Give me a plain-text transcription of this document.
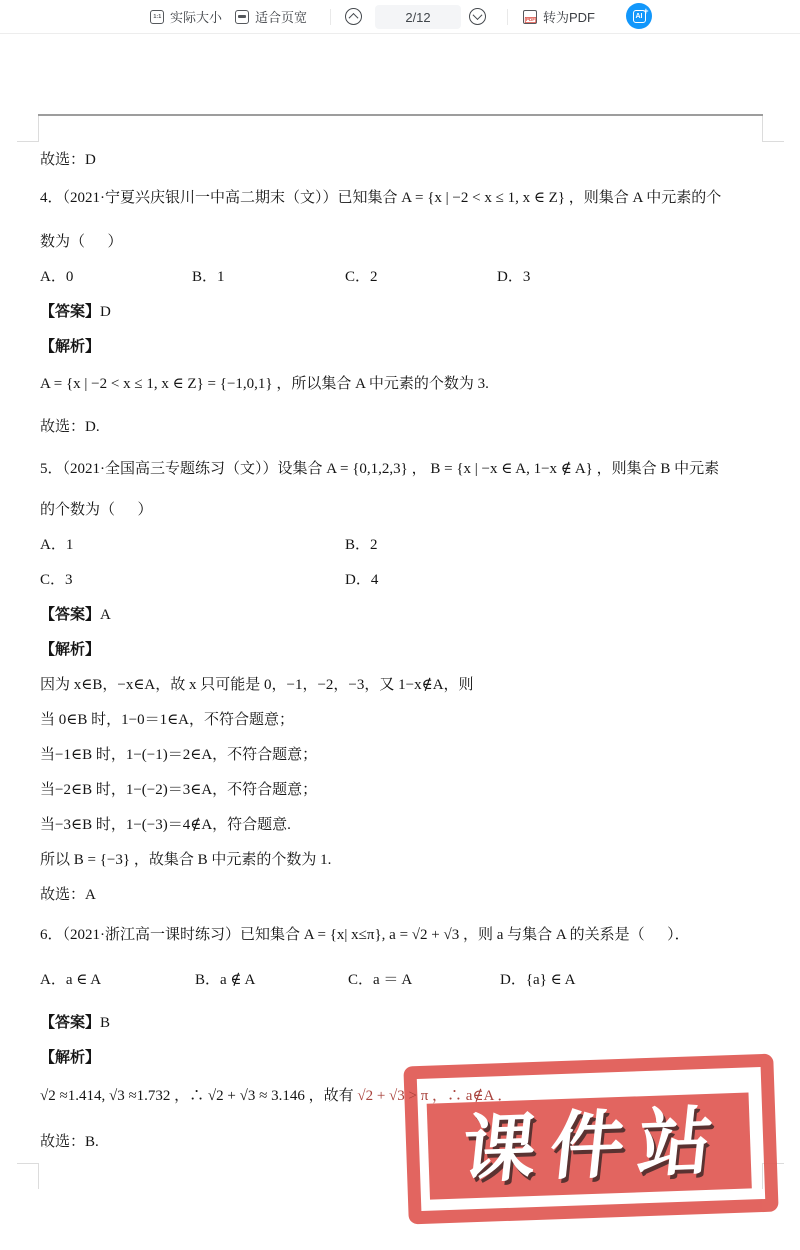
1:1 实际大小	适合页宽	2/12	PDF 转为PDF	AI
+
故选：D
4．（2021·宁夏兴庆银川一中高二期末（文））已知集合 A = {x | −2 < x ≤ 1, x ∈ Z} ，则集合 A 中元素的个
数为（      ）
A．0	B．1	C．2	D．3
【答案】D
【解析】
A = {x | −2 < x ≤ 1, x ∈ Z} = {−1,0,1} ，所以集合 A 中元素的个数为 3.
故选：D.
5．（2021·全国高三专题练习（文））设集合 A = {0,1,2,3} ， B = {x | −x ∈ A, 1−x ∉ A} ，则集合 B 中元素
的个数为（      ）
A．1	B．2
C．3	D．4
【答案】A
【解析】
因为 x∈B，−x∈A，故 x 只可能是 0，−1，−2，−3，又 1−x∉A，则
当 0∈B 时，1−0＝1∈A，不符合题意；
当−1∈B 时，1−(−1)＝2∈A，不符合题意；
当−2∈B 时，1−(−2)＝3∈A，不符合题意；
当−3∈B 时，1−(−3)＝4∉A，符合题意.
所以 B = {−3} ，故集合 B 中元素的个数为 1.
故选：A
6．（2021·浙江高一课时练习）已知集合 A = {x| x≤π}, a = √2 + √3 ，则 a 与集合 A 的关系是（      ）．
A．a ∈ A	B．a ∉ A	C．a ＝ A	D．{a} ∈ A
【答案】B
【解析】
√2 ≈1.414, √3 ≈1.732 ，∴ √2 + √3 ≈ 3.146 ，故有 √2 + √3 > π ，∴ a∉A ．
故选：B.	课件站
